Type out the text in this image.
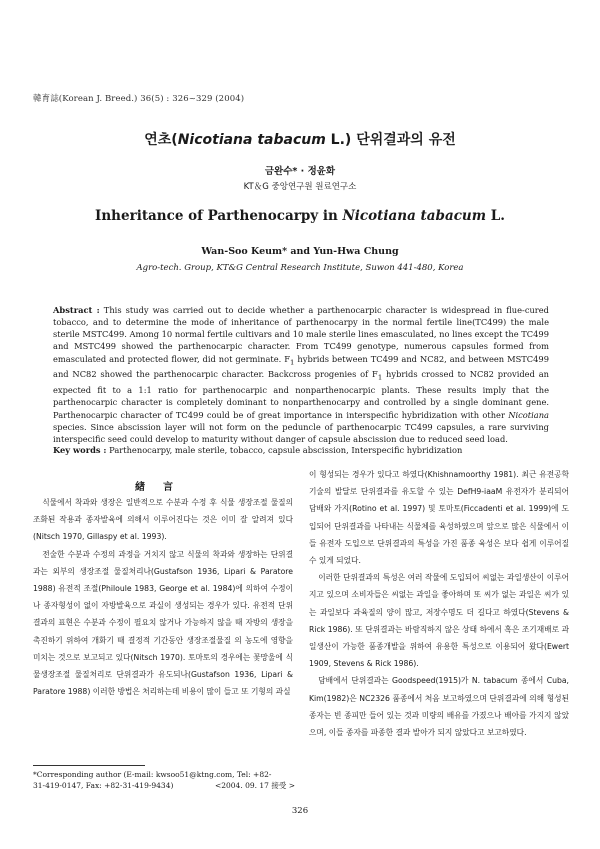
韓育誌(Korean J. Breed.) 36(5) : 326~329 (2004)
연초(Nicotiana tabacum L.) 단위결과의 유전
금완수* · 정윤화
KT＆G 중앙연구원 원료연구소
Inheritance of Parthenocarpy in Nicotiana tabacum L.
Wan-Soo Keum* and Yun-Hwa Chung
Agro-tech. Group, KT&G Central Research Institute, Suwon 441-480, Korea
Abstract : This study was carried out to decide whether a parthenocarpic character is widespread in flue-cured tobacco, and to determine the mode of inheritance of parthenocarpy in the normal fertile line(TC499) the male sterile MSTC499. Among 10 normal fertile cultivars and 10 male sterile lines emasculated, no lines except the TC499 and MSTC499 showed the parthenocarpic character. From TC499 genotype, numerous capsules formed from emasculated and protected flower, did not germinate. $F_1$ hybrids between TC499 and NC82, and between MSTC499 and NC82 showed the parthenocarpic character. Backcross progenies of $F_1$ hybrids crossed to NC82 provided an expected fit to a 1:1 ratio for parthenocarpic and nonparthenocarpic plants. These results imply that the parthenocarpic character is completely dominant to nonparthenocarpy and controlled by a single dominant gene. Parthenocarpic character of TC499 could be of great importance in interspecific hybridization with other Nicotiana species. Since abscission layer will not form on the peduncle of parthenocarpic TC499 capsules, a rare surviving interspecific seed could develop to maturity without danger of capsule abscission due to reduced seed load.
Key words : Parthenocarpy, male sterile, tobacco, capsule abscission, Interspecific hybridization
緖言

식물에서 착과와 생장은 일반적으로 수분과 수정 후 식물 생장조절 물질의 조화된 작용과 종자발육에 의해서 이루어진다는 것은 이미 잘 알려져 있다(Nitsch 1970, Gillaspy et al. 1993).

전술한 수분과 수정의 과정을 거치지 않고 식물의 착과와 생장하는 단위결과는 외부의 생장조절 물질처리나(Gustafson 1936, Lipari & Paratore 1988) 유전적 조절(Philoule 1983, George et al. 1984)에 의하여 수정이나 종자형성이 없이 자방발육으로 과실이 생성되는 경우가 있다. 유전적 단위결과의 표현은 수분과 수정이 필요치 않거나 가능하지 않을 때 자방의 생장을 촉진하기 위하여 개화기 때 결정적 기간동안 생장조절물질 의 농도에 영향을 미치는 것으로 보고되고 있다(Nitsch 1970). 토마토의 경우에는 꽃망울에 식물생장조절 물질처리로 단위결과가 유도되나(Gustafson 1936, Lipari & Paratore 1988) 이러한 방법은 처리하는데 비용이 많이 들고 또 기형의 과실

이 형성되는 경우가 있다고 하였다(Khishnamoorthy 1981). 최근 유전공학기술의 발달로 단위결과를 유도할 수 있는 DefH9-iaaM 유전자가 분리되어 담배와 가지(Rotino et al. 1997) 및 토마토(Ficcadenti et al. 1999)에 도입되어 단위결과를 나타내는 식물체를 육성하였으며 앞으로 많은 식물에서 이들 유전자 도입으로 단위결과의 특성을 가진 품종 육성은 보다 쉽게 이루어질 수 있게 되었다.

이러한 단위결과의 특성은 여러 작물에 도입되어 씨없는 과일생산이 이루어지고 있으며 소비자들은 씨없는 과일을 좋아하며 또 씨가 없는 과일은 씨가 있는 과일보다 과육질의 양이 많고, 저장수명도 더 길다고 하였다(Stevens & Rick 1986). 또 단위결과는 바람직하지 않은 상태 하에서 혹은 조기재배로 과일생산이 가능한 품종개발을 위하여 유용한 특성으로 이용되어 왔다(Ewert 1909, Stevens & Rick 1986).

담배에서 단위결과는 Goodspeed(1915)가 N. tabacum 종에서 Cuba, Kim(1982)은 NC2326 품종에서 처음 보고하였으며 단위결과에 의해 형성된 종자는 빈 종피만 들어 있는 것과 미량의 배유를 가졌으나 배아를 가지지 않았으며, 이들 종자를 파종한 결과 발아가 되지 않았다고 보고하였다.

*Corresponding author (E-mail: kwsoo51@ktng.com, Tel: +82-
31-419-0147, Fax: +82-31-419-9434)	<2004. 09. 17 接受 >
326
